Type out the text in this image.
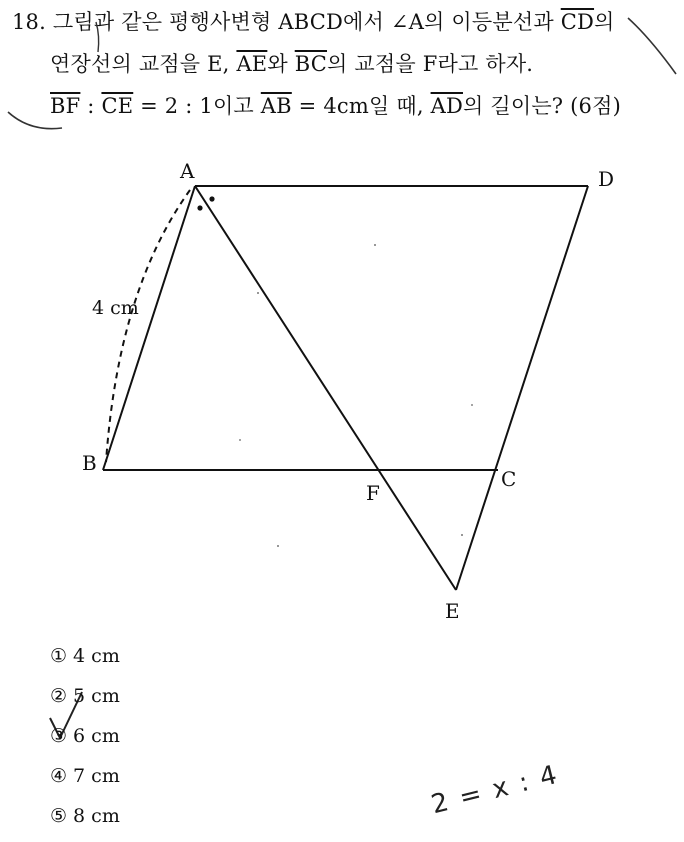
18. 그림과 같은 평행사변형 ABCD에서 ∠A의 이등분선과 $\overline{CD}$의
연장선의 교점을 E, $\overline{AE}$와 $\overline{BC}$의 교점을 F라고 하자.
$\overline{BF}$ : $\overline{CE} = 2$ : 1이고 $\overline{AB} = 4cm$일 때, $\overline{AD}$의 길이는? (6점)
A	D
B
C
F
E
4 cm
① 4 cm
② 5 cm
③ 6 cm
④ 7 cm
⑤ 8 cm	2 = x : 4
